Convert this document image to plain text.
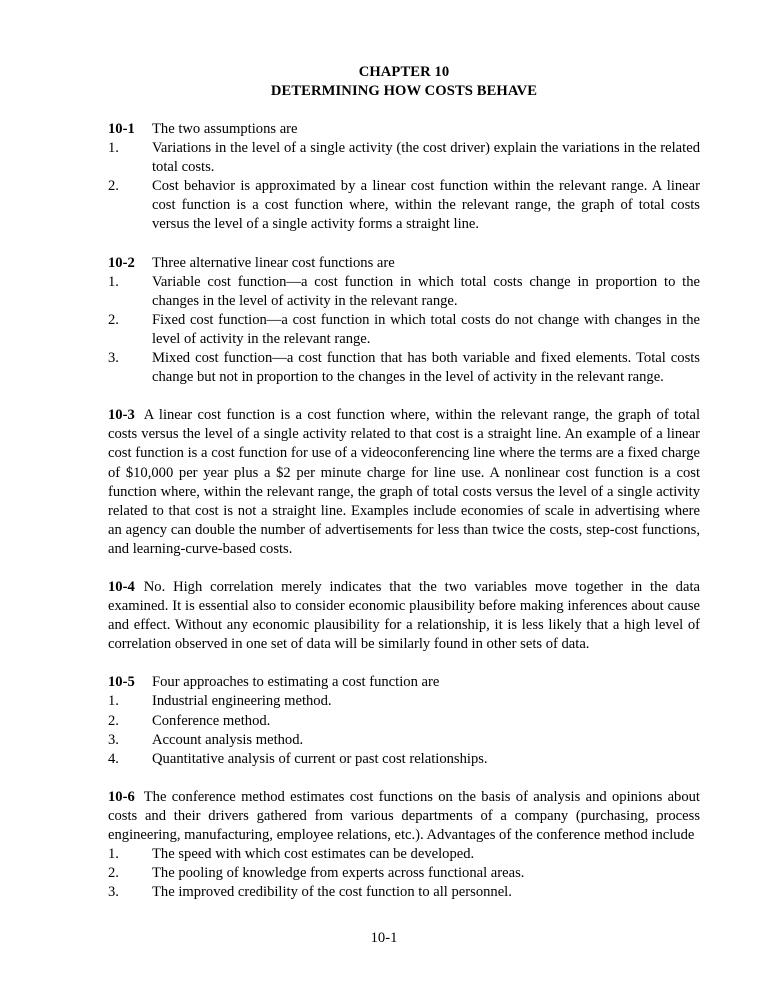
CHAPTER 10
DETERMINING HOW COSTS BEHAVE
10-1	The two assumptions are
1.	Variations in the level of a single activity (the cost driver) explain the variations in the related total costs.
2.	Cost behavior is approximated by a linear cost function within the relevant range. A linear cost function is a cost function where, within the relevant range, the graph of total costs versus the level of a single activity forms a straight line.
10-2	Three alternative linear cost functions are
1.	Variable cost function—a cost function in which total costs change in proportion to the changes in the level of activity in the relevant range.
2.	Fixed cost function—a cost function in which total costs do not change with changes in the level of activity in the relevant range.
3.	Mixed cost function—a cost function that has both variable and fixed elements. Total costs change but not in proportion to the changes in the level of activity in the relevant range.
10-3 A linear cost function is a cost function where, within the relevant range, the graph of total costs versus the level of a single activity related to that cost is a straight line. An example of a linear cost function is a cost function for use of a videoconferencing line where the terms are a fixed charge of $10,000 per year plus a $2 per minute charge for line use. A nonlinear cost function is a cost function where, within the relevant range, the graph of total costs versus the level of a single activity related to that cost is not a straight line. Examples include economies of scale in advertising where an agency can double the number of advertisements for less than twice the costs, step-cost functions, and learning-curve-based costs.
10-4 No. High correlation merely indicates that the two variables move together in the data examined. It is essential also to consider economic plausibility before making inferences about cause and effect. Without any economic plausibility for a relationship, it is less likely that a high level of correlation observed in one set of data will be similarly found in other sets of data.
10-5	Four approaches to estimating a cost function are
1.	Industrial engineering method.
2.	Conference method.
3.	Account analysis method.
4.	Quantitative analysis of current or past cost relationships.
10-6 The conference method estimates cost functions on the basis of analysis and opinions about costs and their drivers gathered from various departments of a company (purchasing, process engineering, manufacturing, employee relations, etc.). Advantages of the conference method include
1.	The speed with which cost estimates can be developed.
2.	The pooling of knowledge from experts across functional areas.
3.	The improved credibility of the cost function to all personnel.
10-1
